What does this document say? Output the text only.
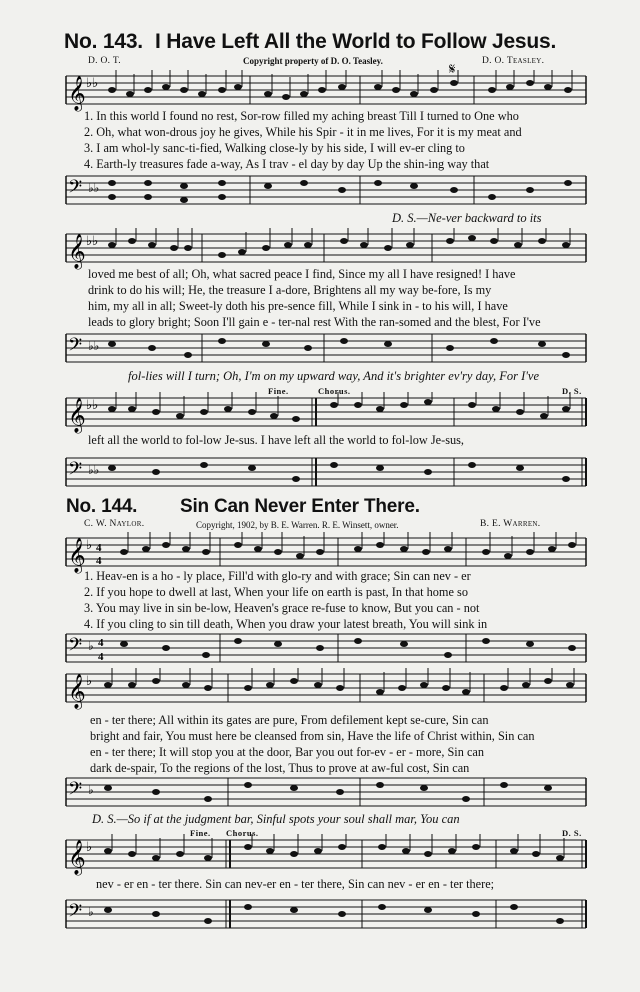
No. 143. I Have Left All the World to Follow Jesus.
D. O. T.	Copyright property of D. O. Teasley.	D. O. Teasley.
𝄋
𝄞 ♭♭
1. In this world I found no rest, Sor-row filled my aching breast Till I turned to One who
2. Oh, what won-drous joy he gives, While his Spir - it in me lives, For it is my meat and
3. I am whol-ly sanc-ti-fied, Walking close-ly by his side, I will ev-er cling to
4. Earth-ly treasures fade a-way, As I trav - el day by day Up the shin-ing way that
𝄢 ♭♭
D. S.—Ne-ver backward to its
𝄞 ♭♭
loved me best of all; Oh, what sacred peace I find, Since my all I have resigned! I have
drink to do his will; He, the treasure I a-dore, Brightens all my way be-fore, Is my
him, my all in all; Sweet-ly doth his pre-sence fill, While I sink in - to his will, I have
leads to glory bright; Soon I'll gain e - ter-nal rest With the ran-somed and the blest, For I've
𝄢 ♭♭
fol-lies will I turn; Oh, I'm on my upward way, And it's brighter ev'ry day, For I've
Fine.	Chorus.	D. S.
𝄞 ♭♭
left all the world to fol-low Je-sus. I have left all the world to fol-low Je-sus,
𝄢 ♭♭
No. 144. Sin Can Never Enter There.
C. W. Naylor.	Copyright, 1902, by B. E. Warren. R. E. Winsett, owner.	B. E. Warren.
𝄞 ♭ 4
4
1. Heav-en is a ho - ly place, Fill'd with glo-ry and with grace; Sin can nev - er
2. If you hope to dwell at last, When your life on earth is past, In that home so
3. You may live in sin be-low, Heaven's grace re-fuse to know, But you can - not
4. If you cling to sin till death, When you draw your latest breath, You will sink in
𝄢 ♭ 4
4
𝄞 ♭
en - ter there; All within its gates are pure, From defilement kept se-cure, Sin can
bright and fair, You must here be cleansed from sin, Have the life of Christ within, Sin can
en - ter there; It will stop you at the door, Bar you out for-ev - er - more, Sin can
dark de-spair, To the regions of the lost, Thus to prove at aw-ful cost, Sin can
𝄢 ♭
D. S.—So if at the judgment bar, Sinful spots your soul shall mar, You can
Fine. Chorus.	D. S.
𝄞 ♭
nev - er en - ter there. Sin can nev-er en - ter there, Sin can nev - er en - ter there;
𝄢 ♭
